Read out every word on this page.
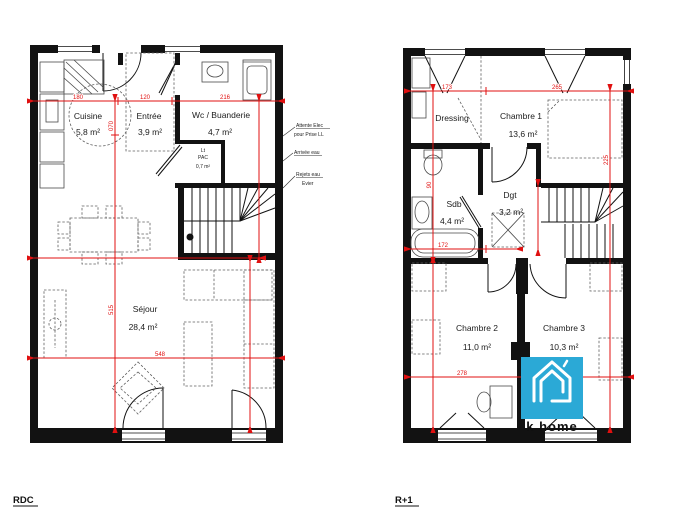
180	120	216
070
515
548
Cuisine
5,8 m²
Entrée
3,9 m²
Wc / Buanderie
4,7 m²
Lt
PAC
0,7 m²
Séjour
28,4 m²
Attente Elec
pour Prise LL
Arrivée eau
Rejets eau
Evier
173	265
90
225
172
278
Dressing	Chambre 1
13,6 m²
Sdb
4,4 m²
Dgt
3,2 m²
Chambre 2
11,0 m²
Chambre 3
10,3 m²
k home
RDC	R+1
